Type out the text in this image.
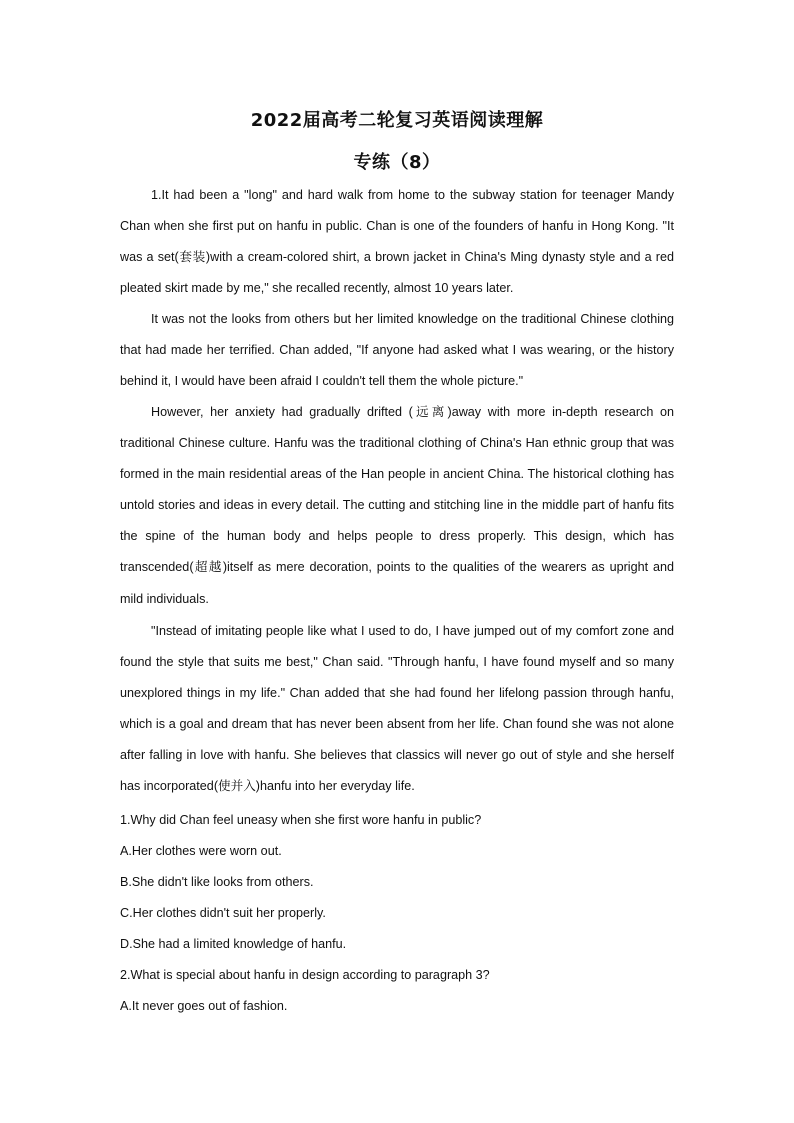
2022届高考二轮复习英语阅读理解
专练（8）

1.It had been a "long" and hard walk from home to the subway station for teenager Mandy Chan when she first put on hanfu in public. Chan is one of the founders of hanfu in Hong Kong. "It was a set(套装)with a cream-colored shirt, a brown jacket in China's Ming dynasty style and a red pleated skirt made by me," she recalled recently, almost 10 years later.

It was not the looks from others but her limited knowledge on the traditional Chinese clothing that had made her terrified. Chan added, "If anyone had asked what I was wearing, or the history behind it, I would have been afraid I couldn't tell them the whole picture."

However, her anxiety had gradually drifted (远离)away with more in-depth research on traditional Chinese culture. Hanfu was the traditional clothing of China's Han ethnic group that was formed in the main residential areas of the Han people in ancient China. The historical clothing has untold stories and ideas in every detail. The cutting and stitching line in the middle part of hanfu fits the spine of the human body and helps people to dress properly. This design, which has transcended(超越)itself as mere decoration, points to the qualities of the wearers as upright and mild individuals.

"Instead of imitating people like what I used to do, I have jumped out of my comfort zone and found the style that suits me best," Chan said. "Through hanfu, I have found myself and so many unexplored things in my life." Chan added that she had found her lifelong passion through hanfu, which is a goal and dream that has never been absent from her life. Chan found she was not alone after falling in love with hanfu. She believes that classics will never go out of style and she herself has incorporated(使并入)hanfu into her everyday life.

1.Why did Chan feel uneasy when she first wore hanfu in public?

A.Her clothes were worn out.

B.She didn't like looks from others.

C.Her clothes didn't suit her properly.

D.She had a limited knowledge of hanfu.

2.What is special about hanfu in design according to paragraph 3?

A.It never goes out of fashion.
